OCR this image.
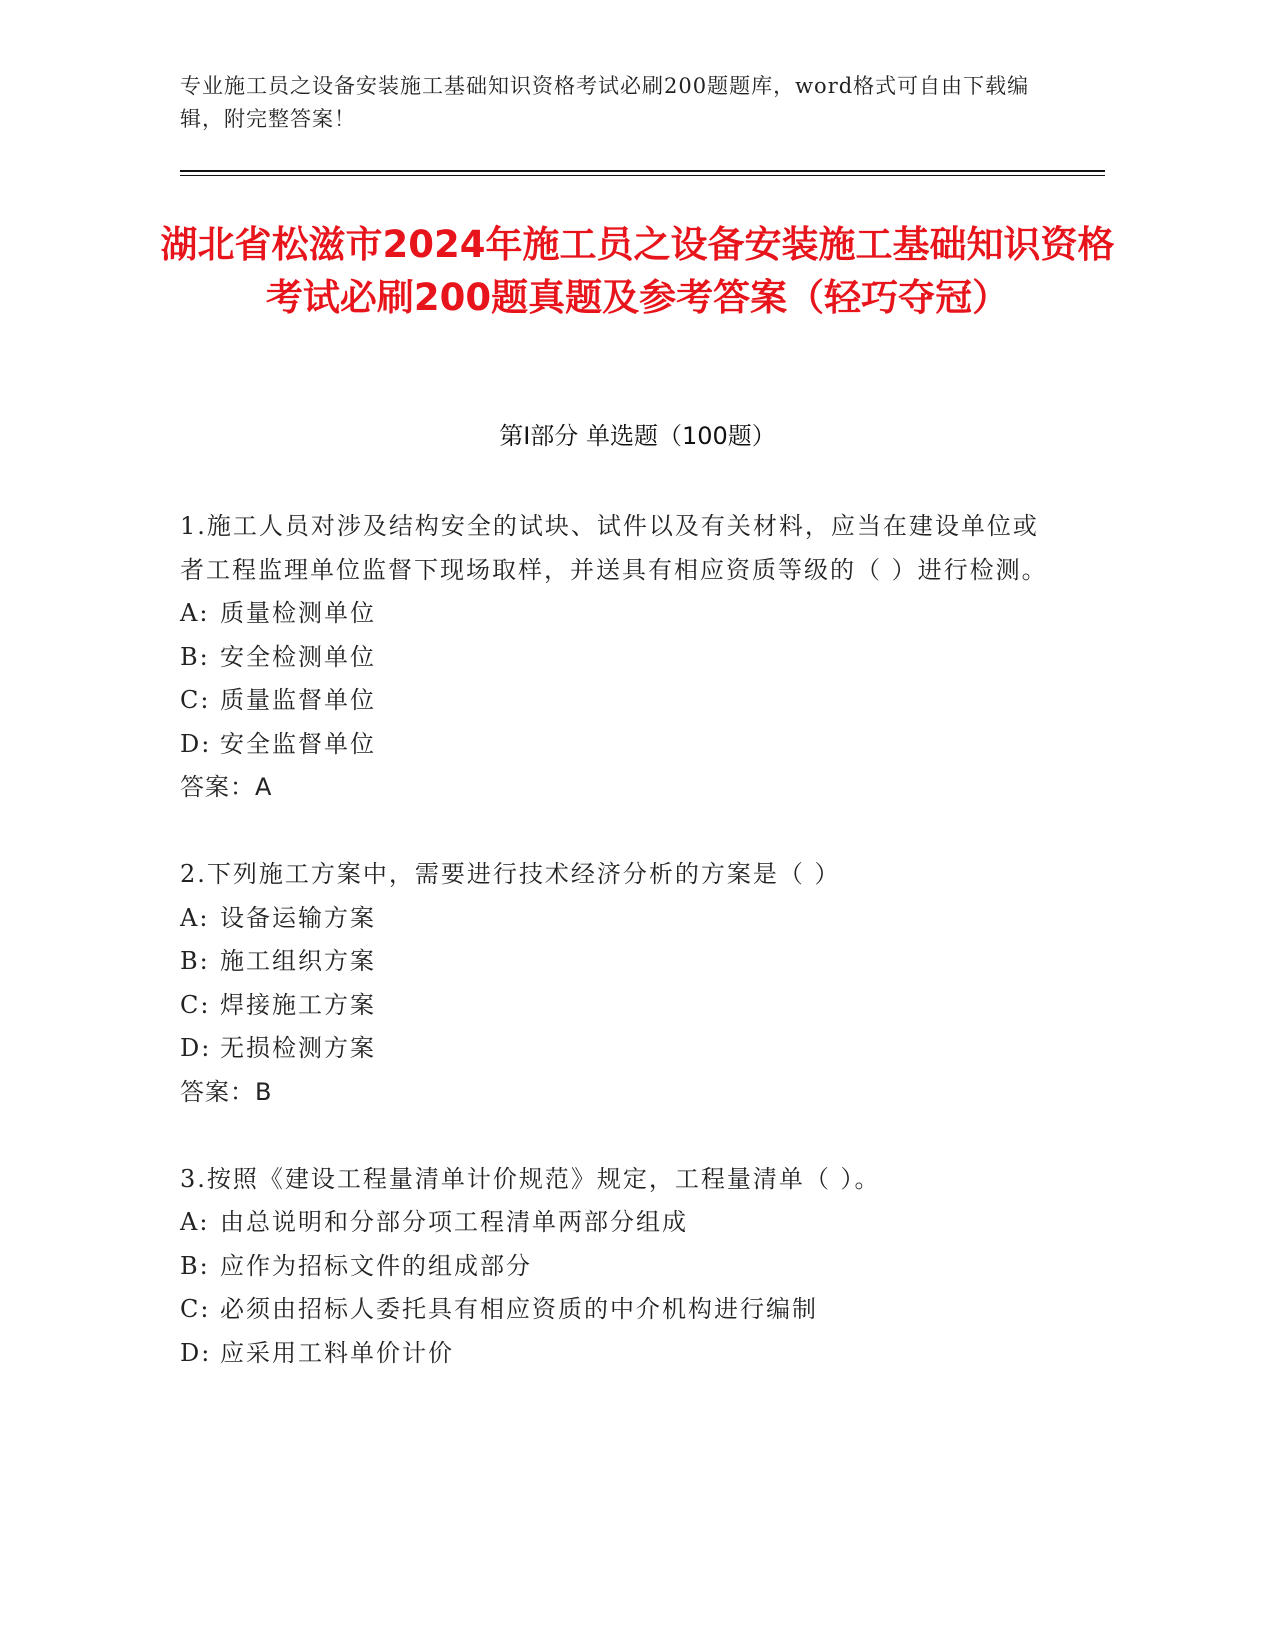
专业施工员之设备安装施工基础知识资格考试必刷200题题库，word格式可自由下载编辑，附完整答案！
湖北省松滋市2024年施工员之设备安装施工基础知识资格考试必刷200题真题及参考答案（轻巧夺冠）
第I部分 单选题（100题）
1.施工人员对涉及结构安全的试块、试件以及有关材料，应当在建设单位或者工程监理单位监督下现场取样，并送具有相应资质等级的（ ）进行检测。
A: 质量检测单位
B: 安全检测单位
C: 质量监督单位
D: 安全监督单位
答案：A
2.下列施工方案中，需要进行技术经济分析的方案是（ ）
A: 设备运输方案
B: 施工组织方案
C: 焊接施工方案
D: 无损检测方案
答案：B
3.按照《建设工程量清单计价规范》规定，工程量清单（ ）。
A: 由总说明和分部分项工程清单两部分组成
B: 应作为招标文件的组成部分
C: 必须由招标人委托具有相应资质的中介机构进行编制
D: 应采用工料单价计价
